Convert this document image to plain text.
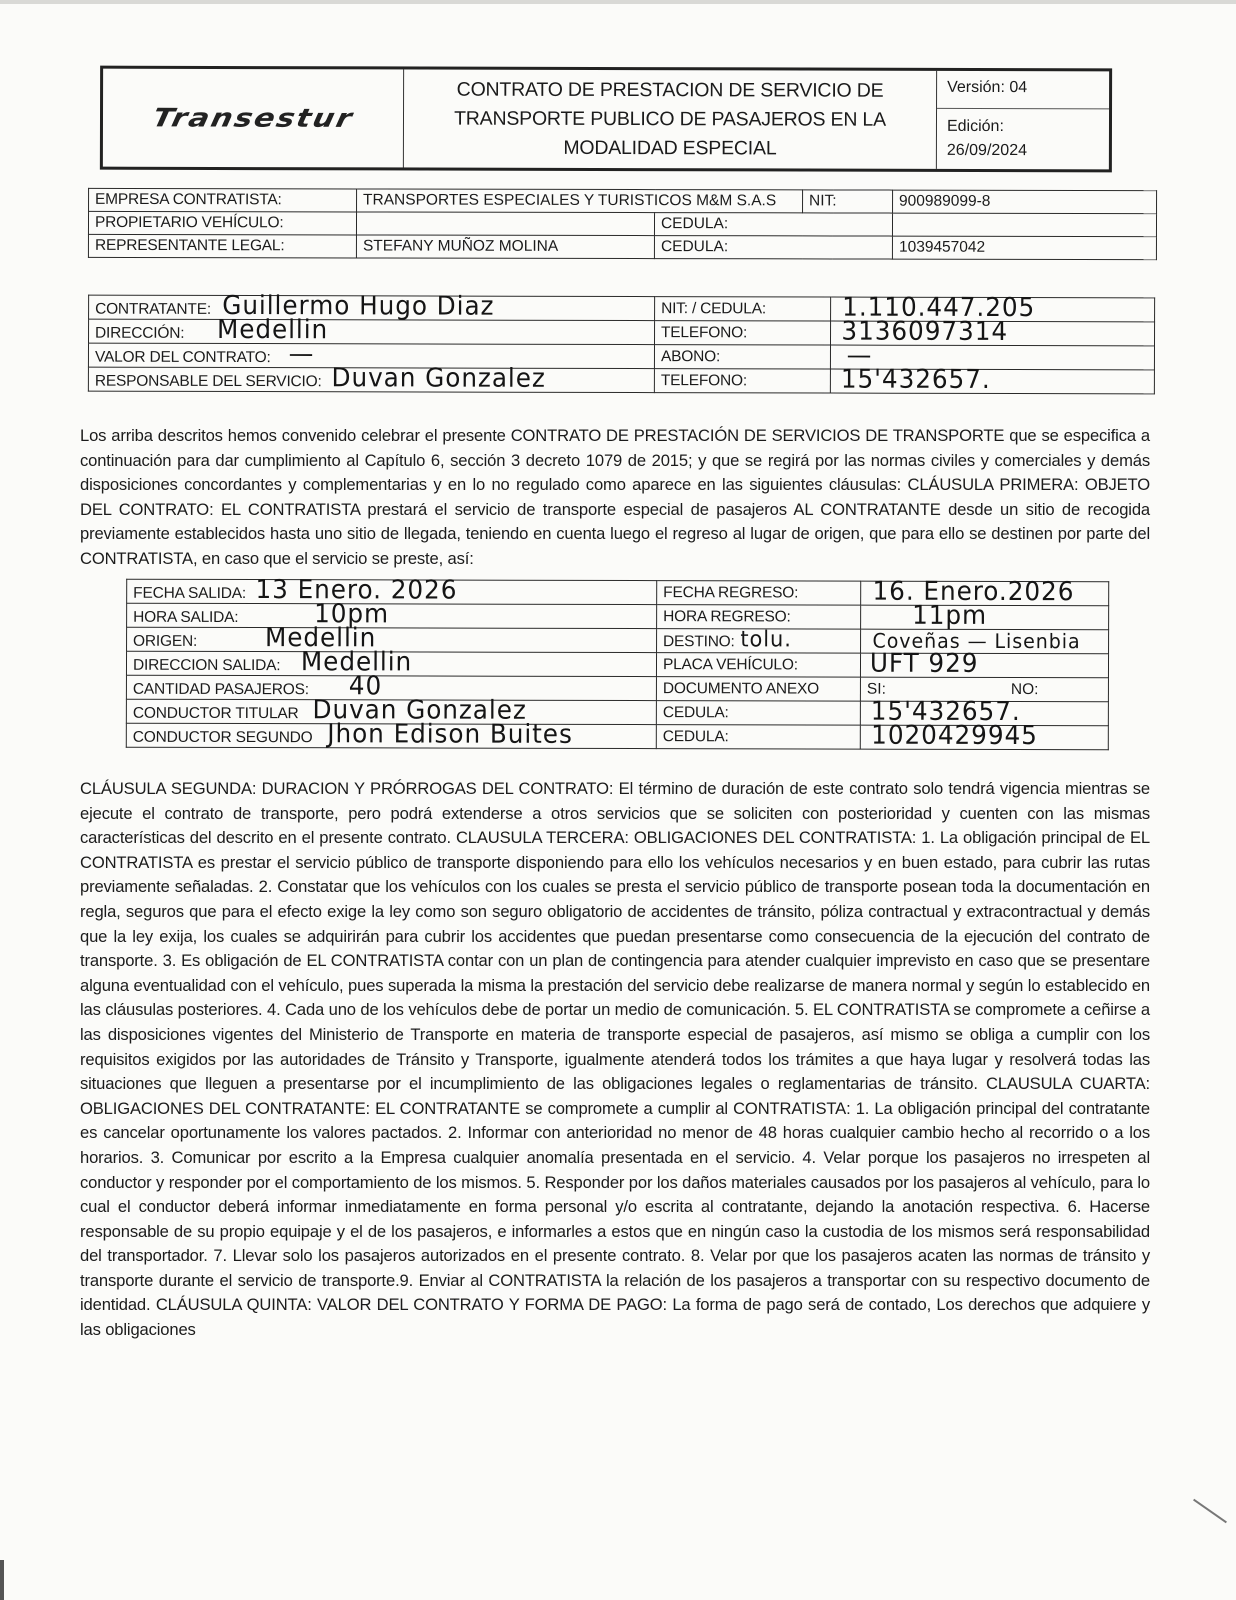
Transestur
CONTRATO DE PRESTACION DE SERVICIO DE
TRANSPORTE PUBLICO DE PASAJEROS EN LA
MODALIDAD ESPECIAL
Versión: 04
Edición:
26/09/2024
EMPRESA CONTRATISTA:	TRANSPORTES ESPECIALES Y TURISTICOS M&M S.A.S		NIT:	900989099-8
PROPIETARIO VEHÍCULO:		CEDULA:		
REPRESENTANTE LEGAL:	STEFANY MUÑOZ MOLINA	CEDULA:		1039457042
CONTRATANTE: Guillermo Hugo Diaz	NIT: / CEDULA:	1.110.447.205
DIRECCIÓN: Medellin	TELEFONO:	3136097314
VALOR DEL CONTRATO: —	ABONO:	—
RESPONSABLE DEL SERVICIO: Duvan Gonzalez	TELEFONO:	15'432657.

Los arriba descritos hemos convenido celebrar el presente CONTRATO DE PRESTACIÓN DE SERVICIOS DE TRANSPORTE que se especifica a continuación para dar cumplimiento al Capítulo 6, sección 3 decreto 1079 de 2015; y que se regirá por las normas civiles y comerciales y demás disposiciones concordantes y complementarias y en lo no regulado como aparece en las siguientes cláusulas: CLÁUSULA PRIMERA: OBJETO DEL CONTRATO: EL CONTRATISTA prestará el servicio de transporte especial de pasajeros AL CONTRATANTE desde un sitio de recogida previamente establecidos hasta uno sitio de llegada, teniendo en cuenta luego el regreso al lugar de origen, que para ello se destinen por parte del CONTRATISTA, en caso que el servicio se preste, así:

FECHA SALIDA: 13 Enero. 2026	FECHA REGRESO:	16. Enero.2026
HORA SALIDA: 10pm	HORA REGRESO:	11pm
ORIGEN: Medellin	DESTINO: tolu.	Coveñas — Lisenbia
DIRECCION SALIDA: Medellin	PLACA VEHÍCULO:	UFT 929
CANTIDAD PASAJEROS: 40	DOCUMENTO ANEXO	SI: NO:

CONDUCTOR TITULAR Duvan Gonzalez	CEDULA:	15'432657.
CONDUCTOR SEGUNDO Jhon Edison Buites	CEDULA:	1020429945

CLÁUSULA SEGUNDA: DURACION Y PRÓRROGAS DEL CONTRATO: El término de duración de este contrato solo tendrá vigencia mientras se ejecute el contrato de transporte, pero podrá extenderse a otros servicios que se soliciten con posterioridad y cuenten con las mismas características del descrito en el presente contrato. CLAUSULA TERCERA: OBLIGACIONES DEL CONTRATISTA: 1. La obligación principal de EL CONTRATISTA es prestar el servicio público de transporte disponiendo para ello los vehículos necesarios y en buen estado, para cubrir las rutas previamente señaladas. 2. Constatar que los vehículos con los cuales se presta el servicio público de transporte posean toda la documentación en regla, seguros que para el efecto exige la ley como son seguro obligatorio de accidentes de tránsito, póliza contractual y extracontractual y demás que la ley exija, los cuales se adquirirán para cubrir los accidentes que puedan presentarse como consecuencia de la ejecución del contrato de transporte. 3. Es obligación de EL CONTRATISTA contar con un plan de contingencia para atender cualquier imprevisto en caso que se presentare alguna eventualidad con el vehículo, pues superada la misma la prestación del servicio debe realizarse de manera normal y según lo establecido en las cláusulas posteriores. 4. Cada uno de los vehículos debe de portar un medio de comunicación. 5. EL CONTRATISTA se compromete a ceñirse a las disposiciones vigentes del Ministerio de Transporte en materia de transporte especial de pasajeros, así mismo se obliga a cumplir con los requisitos exigidos por las autoridades de Tránsito y Transporte, igualmente atenderá todos los trámites a que haya lugar y resolverá todas las situaciones que lleguen a presentarse por el incumplimiento de las obligaciones legales o reglamentarias de tránsito. CLAUSULA CUARTA: OBLIGACIONES DEL CONTRATANTE: EL CONTRATANTE se compromete a cumplir al CONTRATISTA: 1. La obligación principal del contratante es cancelar oportunamente los valores pactados. 2. Informar con anterioridad no menor de 48 horas cualquier cambio hecho al recorrido o a los horarios. 3. Comunicar por escrito a la Empresa cualquier anomalía presentada en el servicio. 4. Velar porque los pasajeros no irrespeten al conductor y responder por el comportamiento de los mismos. 5. Responder por los daños materiales causados por los pasajeros al vehículo, para lo cual el conductor deberá informar inmediatamente en forma personal y/o escrita al contratante, dejando la anotación respectiva. 6. Hacerse responsable de su propio equipaje y el de los pasajeros, e informarles a estos que en ningún caso la custodia de los mismos será responsabilidad del transportador. 7. Llevar solo los pasajeros autorizados en el presente contrato. 8. Velar por que los pasajeros acaten las normas de tránsito y transporte durante el servicio de transporte.9. Enviar al CONTRATISTA la relación de los pasajeros a transportar con su respectivo documento de identidad. CLÁUSULA QUINTA: VALOR DEL CONTRATO Y FORMA DE PAGO: La forma de pago será de contado, Los derechos que adquiere y las obligaciones
